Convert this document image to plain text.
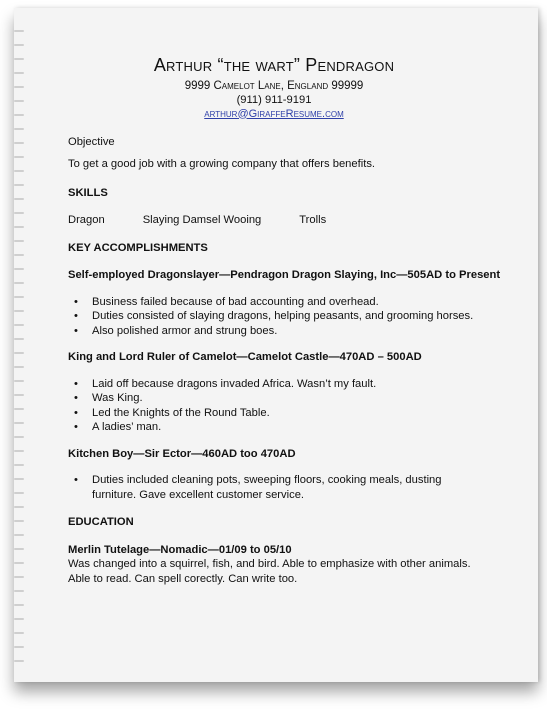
Arthur “the wart” Pendragon
9999 Camelot Lane, England 99999
(911) 911-9191
arthur@GiraffeResume.com

Objective

To get a good job with a growing company that offers benefits.

SKILLS

Dragon	Slaying Damsel Wooing	Trolls

KEY ACCOMPLISHMENTS

Self-employed Dragonslayer—Pendragon Dragon Slaying, Inc—505AD to Present

• Business failed because of bad accounting and overhead.
• Duties consisted of slaying dragons, helping peasants, and grooming horses.
• Also polished armor and strung boes.

King and Lord Ruler of Camelot—Camelot Castle—470AD – 500AD

• Laid off because dragons invaded Africa. Wasn’t my fault.
• Was King.
• Led the Knights of the Round Table.
• A ladies’ man.

Kitchen Boy—Sir Ector—460AD too 470AD

• Duties included cleaning pots, sweeping floors, cooking meals, dusting furniture. Gave excellent customer service.

EDUCATION

Merlin Tutelage—Nomadic—01/09 to 05/10

Was changed into a squirrel, fish, and bird. Able to emphasize with other animals. Able to read. Can spell corectly. Can write too.
